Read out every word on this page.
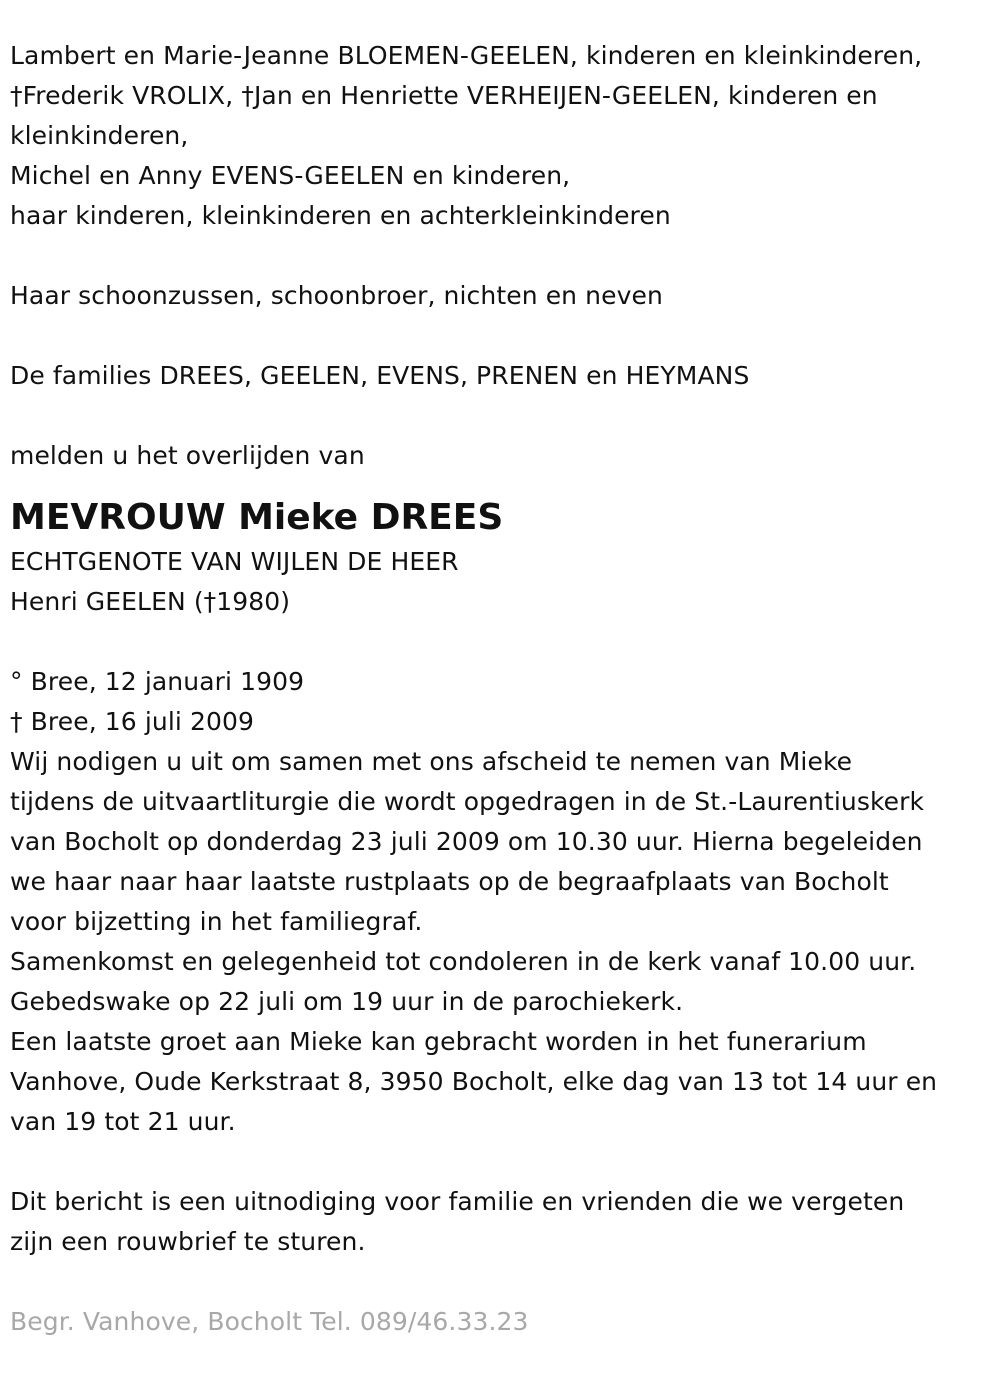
Lambert en Marie-Jeanne BLOEMEN-GEELEN, kinderen en kleinkinderen,
†Frederik VROLIX, †Jan en Henriette VERHEIJEN-GEELEN, kinderen en
kleinkinderen,
Michel en Anny EVENS-GEELEN en kinderen,
haar kinderen, kleinkinderen en achterkleinkinderen
Haar schoonzussen, schoonbroer, nichten en neven
De families DREES, GEELEN, EVENS, PRENEN en HEYMANS
melden u het overlijden van
MEVROUW Mieke DREES
ECHTGENOTE VAN WIJLEN DE HEER
Henri GEELEN (†1980)
° Bree, 12 januari 1909
† Bree, 16 juli 2009
Wij nodigen u uit om samen met ons afscheid te nemen van Mieke
tijdens de uitvaartliturgie die wordt opgedragen in de St.-Laurentiuskerk
van Bocholt op donderdag 23 juli 2009 om 10.30 uur. Hierna begeleiden
we haar naar haar laatste rustplaats op de begraafplaats van Bocholt
voor bijzetting in het familiegraf.
Samenkomst en gelegenheid tot condoleren in de kerk vanaf 10.00 uur.
Gebedswake op 22 juli om 19 uur in de parochiekerk.
Een laatste groet aan Mieke kan gebracht worden in het funerarium
Vanhove, Oude Kerkstraat 8, 3950 Bocholt, elke dag van 13 tot 14 uur en
van 19 tot 21 uur.
Dit bericht is een uitnodiging voor familie en vrienden die we vergeten
zijn een rouwbrief te sturen.
Begr. Vanhove, Bocholt Tel. 089/46.33.23
